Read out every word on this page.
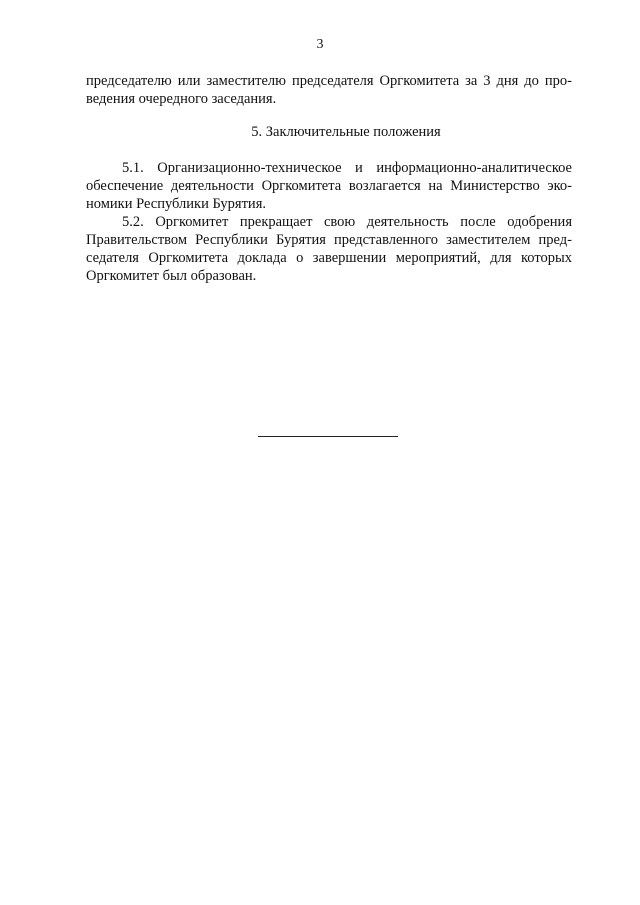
3
председателю или заместителю председателя Оргкомитета за 3 дня до про-
ведения очередного заседания.
5. Заключительные положения
5.1. Организационно-техническое и информационно-аналитическое
обеспечение деятельности Оргкомитета возлагается на Министерство эко-
номики Республики Бурятия.
5.2. Оргкомитет прекращает свою деятельность после одобрения
Правительством Республики Бурятия представленного заместителем пред-
седателя Оргкомитета доклада о завершении мероприятий, для которых
Оргкомитет был образован.
